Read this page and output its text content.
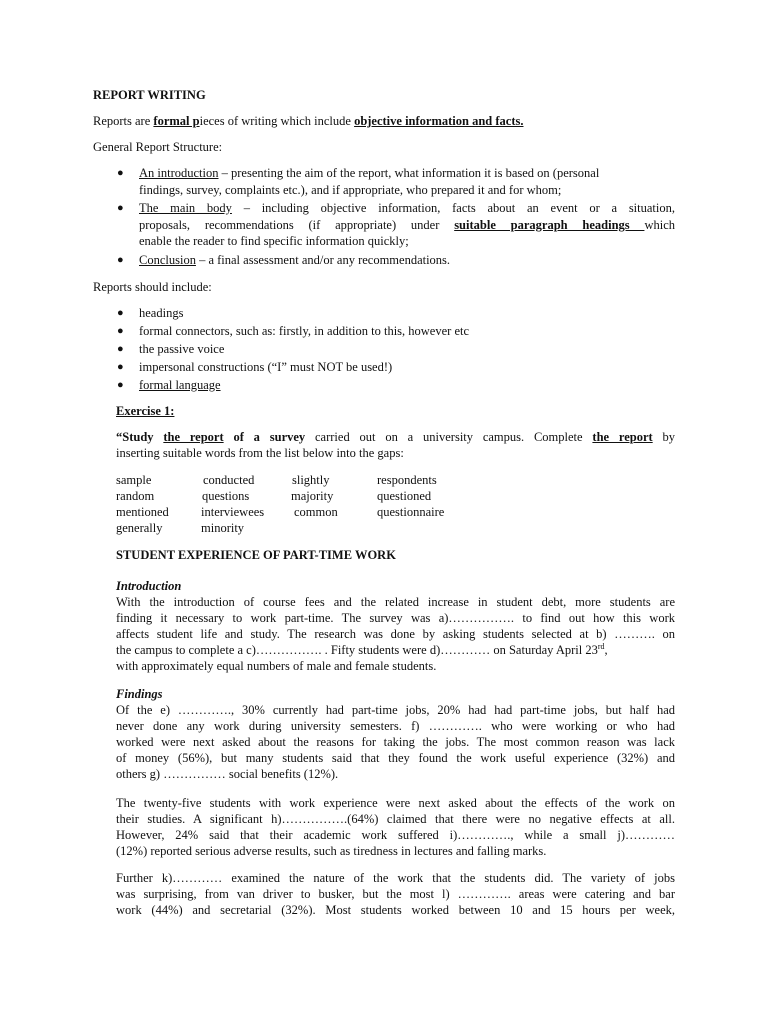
REPORT WRITING
Reports are formal pieces of writing which include objective information and facts.
General Report Structure:
● An introduction – presenting the aim of the report, what information it is based on (personal
findings, survey, complaints etc.), and if appropriate, who prepared it and for whom;
● The main body – including objective information, facts about an event or a situation,
proposals, recommendations (if appropriate) under suitable paragraph headings which
enable the reader to find specific information quickly;
● Conclusion – a final assessment and/or any recommendations.
Reports should include:
● headings
● formal connectors, such as: firstly, in addition to this, however etc
● the passive voice
● impersonal constructions (“I” must NOT be used!)
● formal language
Exercise 1:
“Study the report of a survey carried out on a university campus. Complete the report by
inserting suitable words from the list below into the gaps:
sample
random
mentioned
generally
conducted
questions
interviewees
minority
slightly
majority
common
respondents
questioned
questionnaire
STUDENT EXPERIENCE OF PART-TIME WORK
Introduction
With the introduction of course fees and the related increase in student debt, more students are
finding it necessary to work part-time. The survey was a)……………. to find out how this work
affects student life and study. The research was done by asking students selected at b) ………. on
the campus to complete a c)……………. . Fifty students were d)………… on Saturday April 23rd,
with approximately equal numbers of male and female students.
Findings
Of the e) …………., 30% currently had part-time jobs, 20% had had part-time jobs, but half had
never done any work during university semesters. f) …………. who were working or who had
worked were next asked about the reasons for taking the jobs. The most common reason was lack
of money (56%), but many students said that they found the work useful experience (32%) and
others g) …………… social benefits (12%).
The twenty-five students with work experience were next asked about the effects of the work on
their studies. A significant h)…………….(64%) claimed that there were no negative effects at all.
However, 24% said that their academic work suffered i)…………., while a small j)…………
(12%) reported serious adverse results, such as tiredness in lectures and falling marks.
Further k)………… examined the nature of the work that the students did. The variety of jobs
was surprising, from van driver to busker, but the most l) …………. areas were catering and bar
work (44%) and secretarial (32%). Most students worked between 10 and 15 hours per week,
